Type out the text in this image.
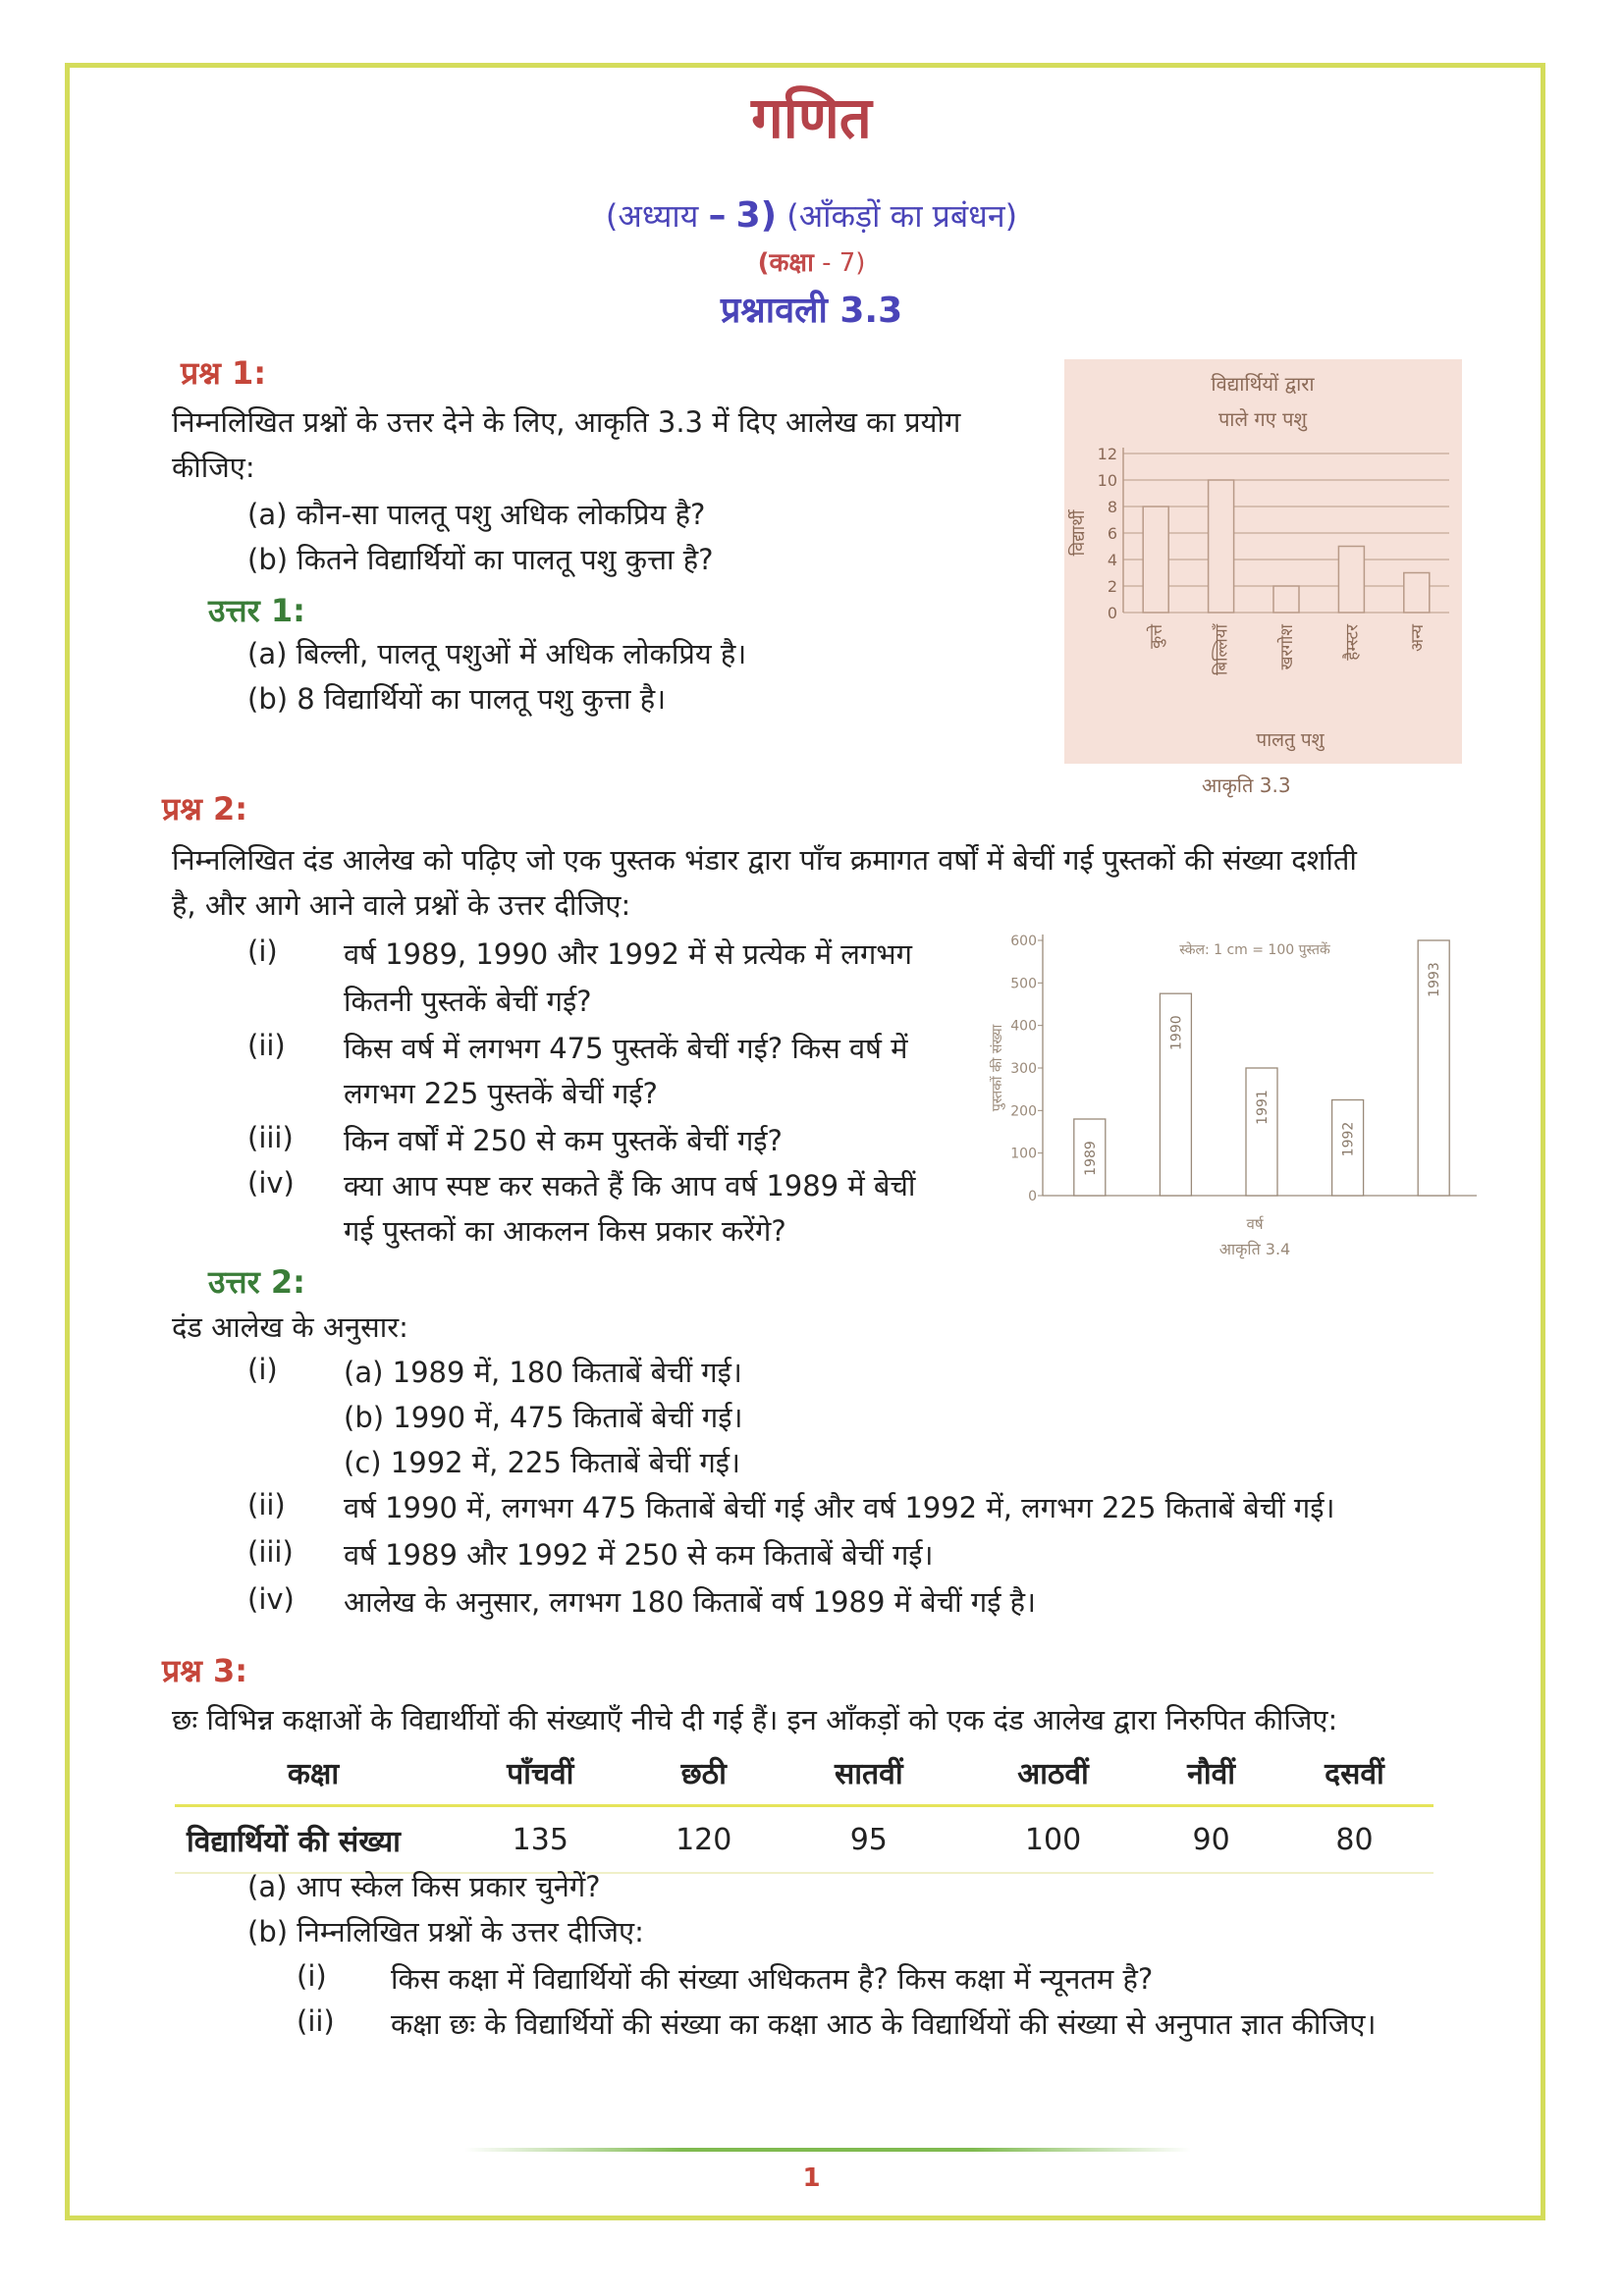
गणित
(अध्याय – 3) (आँकड़ों का प्रबंधन)
(कक्षा - 7)
प्रश्नावली 3.3
प्रश्न 1:
निम्नलिखित प्रश्नों के उत्तर देने के लिए, आकृति 3.3 में दिए आलेख का प्रयोग
कीजिए:
(a) कौन-सा पालतू पशु अधिक लोकप्रिय है?
(b) कितने विद्यार्थियों का पालतू पशु कुत्ता है?
उत्तर 1:
(a) बिल्ली, पालतू पशुओं में अधिक लोकप्रिय है।
(b) 8 विद्यार्थियों का पालतू पशु कुत्ता है।
विद्यार्थियों द्वारा
पाले गए पशु
0
2
4
6
8
10
12
विद्यार्थी
कुत्ते	बिल्लियाँ	खरगोश	हैम्स्टर	अन्य
पालतु पशु
आकृति 3.3
प्रश्न 2:
निम्नलिखित दंड आलेख को पढ़िए जो एक पुस्तक भंडार द्वारा पाँच क्रमागत वर्षों में बेचीं गई पुस्तकों की संख्या दर्शाती
है, और आगे आने वाले प्रश्नों के उत्तर दीजिए:
(i) वर्ष 1989, 1990 और 1992 में से प्रत्येक में लगभग
कितनी पुस्तकें बेचीं गई?
(ii) किस वर्ष में लगभग 475 पुस्तकें बेचीं गई? किस वर्ष में
लगभग 225 पुस्तकें बेचीं गई?
(iii) किन वर्षों में 250 से कम पुस्तकें बेचीं गई?
(iv) क्या आप स्पष्ट कर सकते हैं कि आप वर्ष 1989 में बेचीं
गई पुस्तकों का आकलन किस प्रकार करेंगे?
0
100
200
300
400
500
600
पुस्तकों की संख्या
स्केल: 1 cm = 100 पुस्तकें
1989
1990
1991
1992
1993
वर्ष
आकृति 3.4
उत्तर 2:
दंड आलेख के अनुसार:
(i) (a) 1989 में, 180 किताबें बेचीं गई।
(b) 1990 में, 475 किताबें बेचीं गई।
(c) 1992 में, 225 किताबें बेचीं गई।
(ii) वर्ष 1990 में, लगभग 475 किताबें बेचीं गई और वर्ष 1992 में, लगभग 225 किताबें बेचीं गई।
(iii) वर्ष 1989 और 1992 में 250 से कम किताबें बेचीं गई।
(iv) आलेख के अनुसार, लगभग 180 किताबें वर्ष 1989 में बेचीं गई है।
प्रश्न 3:
छः विभिन्न कक्षाओं के विद्यार्थीयों की संख्याएँ नीचे दी गई हैं। इन आँकड़ों को एक दंड आलेख द्वारा निरुपित कीजिए:
कक्षा	पाँचवीं	छठी	सातवीं	आठवीं	नौवीं	दसवीं
विद्यार्थियों की संख्या	135	120	95	100	90	80
(a) आप स्केल किस प्रकार चुनेगें?
(b) निम्नलिखित प्रश्नों के उत्तर दीजिए:
(i) किस कक्षा में विद्यार्थियों की संख्या अधिकतम है? किस कक्षा में न्यूनतम है?
(ii) कक्षा छः के विद्यार्थियों की संख्या का कक्षा आठ के विद्यार्थियों की संख्या से अनुपात ज्ञात कीजिए।
1
